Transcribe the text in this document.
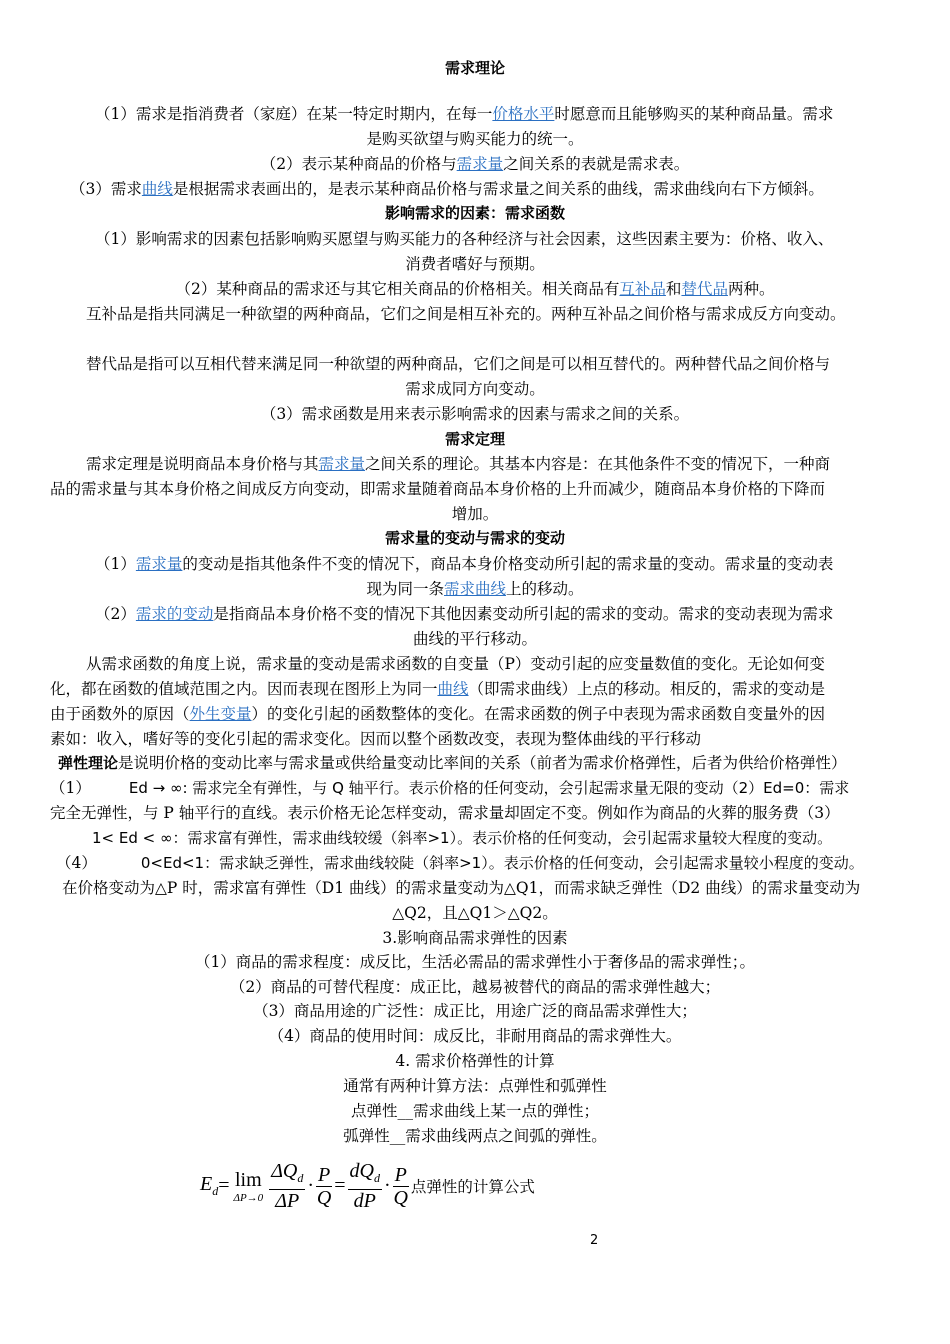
需求理论
（1）需求是指消费者（家庭）在某一特定时期内，在每一价格水平时愿意而且能够购买的某种商品量。需求
是购买欲望与购买能力的统一。
（2）表示某种商品的价格与需求量之间关系的表就是需求表。
（3）需求曲线是根据需求表画出的，是表示某种商品价格与需求量之间关系的曲线，需求曲线向右下方倾斜。
影响需求的因素：需求函数
（1）影响需求的因素包括影响购买愿望与购买能力的各种经济与社会因素，这些因素主要为：价格、收入、
消费者嗜好与预期。
（2）某种商品的需求还与其它相关商品的价格相关。相关商品有互补品和替代品两种。
互补品是指共同满足一种欲望的两种商品，它们之间是相互补充的。两种互补品之间价格与需求成反方向变动。
替代品是指可以互相代替来满足同一种欲望的两种商品，它们之间是可以相互替代的。两种替代品之间价格与
需求成同方向变动。
（3）需求函数是用来表示影响需求的因素与需求之间的关系。
需求定理
需求定理是说明商品本身价格与其需求量之间关系的理论。其基本内容是：在其他条件不变的情况下，一种商
品的需求量与其本身价格之间成反方向变动，即需求量随着商品本身价格的上升而减少，随商品本身价格的下降而
增加。
需求量的变动与需求的变动
（1）需求量的变动是指其他条件不变的情况下，商品本身价格变动所引起的需求量的变动。需求量的变动表
现为同一条需求曲线上的移动。
（2）需求的变动是指商品本身价格不变的情况下其他因素变动所引起的需求的变动。需求的变动表现为需求
曲线的平行移动。
从需求函数的角度上说，需求量的变动是需求函数的自变量（P）变动引起的应变量数值的变化。无论如何变
化，都在函数的值域范围之内。因而表现在图形上为同一曲线（即需求曲线）上点的移动。相反的，需求的变动是
由于函数外的原因（外生变量）的变化引起的函数整体的变化。在需求函数的例子中表现为需求函数自变量外的因
素如：收入，嗜好等的变化引起的需求变化。因而以整个函数改变，表现为整体曲线的平行移动
弹性理论是说明价格的变动比率与需求量或供给量变动比率间的关系（前者为需求价格弹性，后者为供给价格弹性）
（1）	Ed → ∞: 需求完全有弹性，与 Q 轴平行。表示价格的任何变动，会引起需求量无限的变动（2）Ed=0：需求
完全无弹性，与 P 轴平行的直线。表示价格无论怎样变动，需求量却固定不变。例如作为商品的火葬的服务费（3）
1< Ed < ∞：需求富有弹性，需求曲线较缓（斜率>1）。表示价格的任何变动，会引起需求量较大程度的变动。
（4）	0<Ed<1：需求缺乏弹性，需求曲线较陡（斜率>1）。表示价格的任何变动，会引起需求量较小程度的变动。
在价格变动为△P 时，需求富有弹性（D1 曲线）的需求量变动为△Q1，而需求缺乏弹性（D2 曲线）的需求量变动为
△Q2，且△Q1＞△Q2。
3.影响商品需求弹性的因素
（1）商品的需求程度：成反比，生活必需品的需求弹性小于奢侈品的需求弹性；。
（2）商品的可替代程度：成正比，越易被替代的商品的需求弹性越大；
（3）商品用途的广泛性：成正比，用途广泛的商品需求弹性大；
（4）商品的使用时间：成反比，非耐用商品的需求弹性大。
4. 需求价格弹性的计算
通常有两种计算方法：点弹性和弧弹性
点弹性__需求曲线上某一点的弹性；
弧弹性__需求曲线两点之间弧的弹性。
$E_d= \lim$
$\Delta P\to 0 \frac{\Delta Q_d}{\Delta P} \cdot \frac{P}{Q} = \frac{dQ_d}{dP} \cdot \frac{P}{Q}$ 点弹性的计算公式
2
